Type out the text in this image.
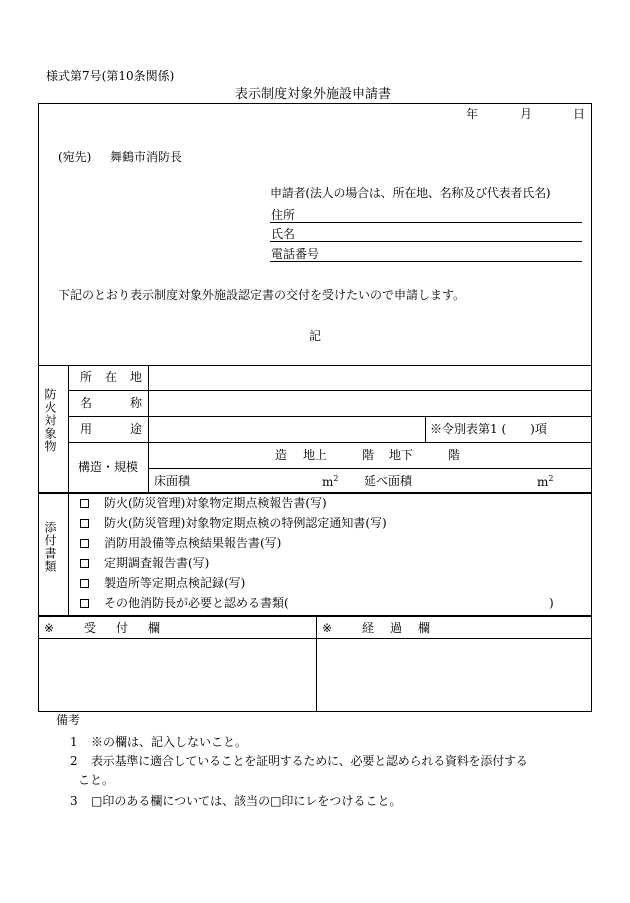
様式第7号(第10条関係)
表示制度対象外施設申請書
年	月	日
(宛先) 舞鶴市消防長
申請者(法人の場合は、所在地、名称及び代表者氏名)
住所
氏名
電話番号
下記のとおり表示制度対象外施設認定書の交付を受けたいので申請します。
記
防火対象物
所 在 地
名	称
用	途	※令別表第1 (　　)項
構造・規模
造 地上	階 地下	階
床面積	$m^2$ 延べ面積	$m^2$
添付書類
防火(防災管理)対象物定期点検報告書(写)
防火(防災管理)対象物定期点検の特例認定通知書(写)
消防用設備等点検結果報告書(写)
定期調査報告書(写)
製造所等定期点検記録(写)
その他消防長が必要と認める書類(	)
※ 受 付 欄	※ 経 過 欄
備考
1 ※の欄は、記入しないこと。
2 表示基準に適合していることを証明するために、必要と認められる資料を添付する
こと。
3 □印のある欄については、該当の□印にレをつけること。
